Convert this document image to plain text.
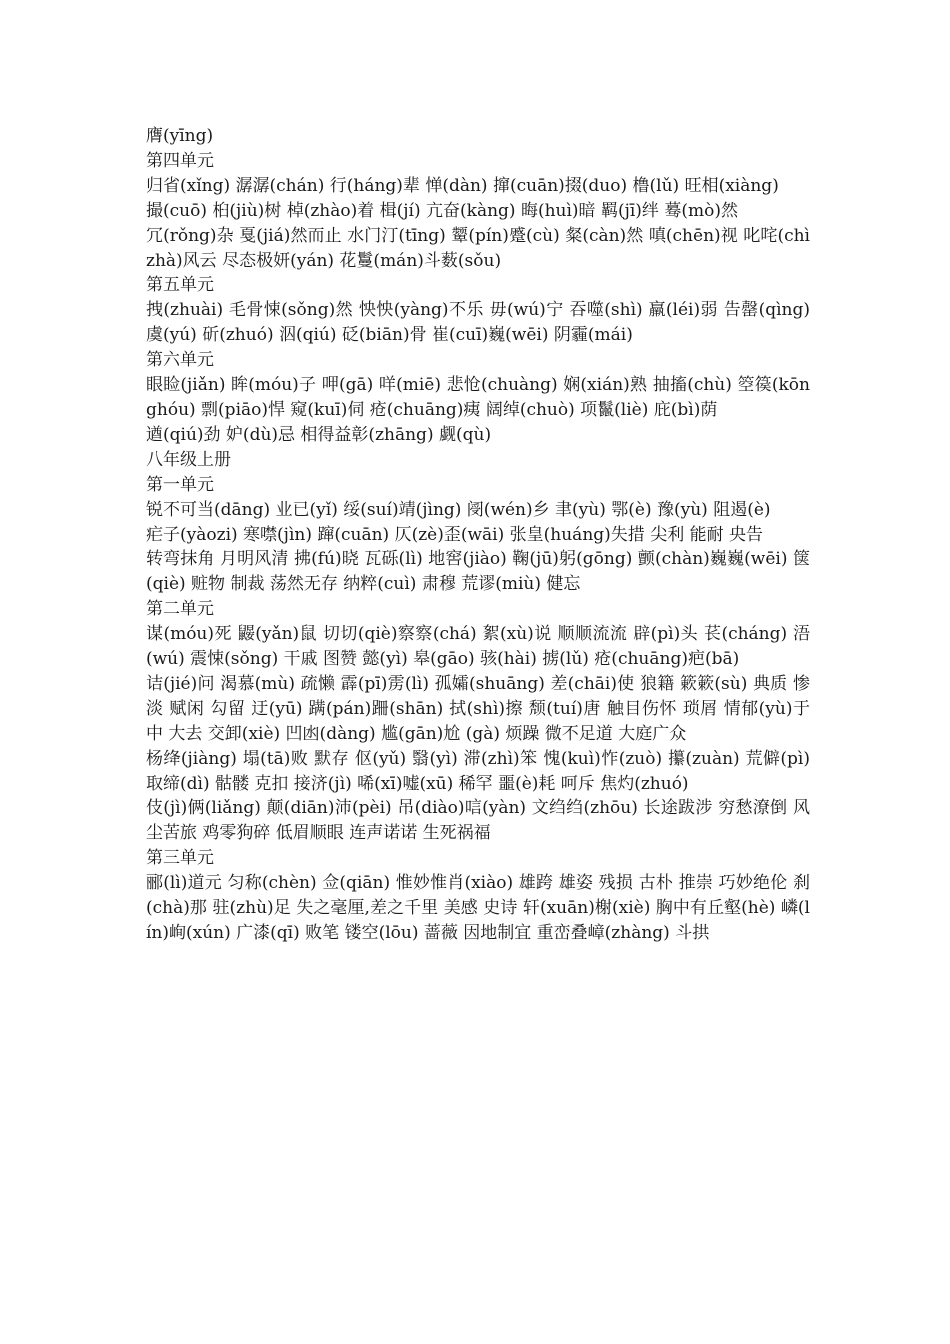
膺(yīng)
第四单元
归省(xǐng) 潺潺(chán) 行(háng)辈 惮(dàn) 撺(cuān)掇(duo) 橹(lǔ) 旺相(xiàng)
撮(cuō) 桕(jiù)树 棹(zhào)着 楫(jí) 亢奋(kàng) 晦(huì)暗 羁(jī)绊 蓦(mò)然
冗(rǒng)杂 戛(jiá)然而止 水门汀(tīng) 颦(pín)蹙(cù) 粲(càn)然 嗔(chēn)视 叱咤(chìzhà)风云 尽态极妍(yán) 花鬘(mán)斗薮(sǒu)
第五单元
拽(zhuài) 毛骨悚(sǒng)然 怏怏(yàng)不乐 毋(wú)宁 吞噬(shì) 羸(léi)弱 告罄(qìng) 虞(yú) 斫(zhuó) 泅(qiú) 砭(biān)骨 崔(cuī)巍(wēi) 阴霾(mái)
第六单元
眼睑(jiǎn) 眸(móu)子 呷(gā) 咩(miē) 悲怆(chuàng) 娴(xián)熟 抽搐(chù) 箜篌(kōnghóu) 剽(piāo)悍 窥(kuī)伺 疮(chuāng)痍 阔绰(chuò) 项鬣(liè) 庇(bì)荫
遒(qiú)劲 妒(dù)忌 相得益彰(zhāng) 觑(qù)
八年级上册
第一单元
锐不可当(dāng) 业已(yǐ) 绥(suí)靖(jìng) 阌(wén)乡 聿(yù) 鄂(è) 豫(yù) 阻遏(è)
疟子(yàozi) 寒噤(jìn) 蹿(cuān) 仄(zè)歪(wāi) 张皇(huáng)失措 尖利 能耐 央告
转弯抹角 月明风清 拂(fú)晓 瓦砾(lì) 地窖(jiào) 鞠(jū)躬(gōng) 颤(chàn)巍巍(wēi) 箧(qiè) 赃物 制裁 荡然无存 纳粹(cuì) 肃穆 荒谬(miù) 健忘
第二单元
谋(móu)死 鼹(yǎn)鼠 切切(qiè)察察(chá) 絮(xù)说 顺顺流流 辟(pì)头 苌(cháng) 浯(wú) 震悚(sǒng) 干戚 图赞 懿(yì) 皋(gāo) 骇(hài) 掳(lǔ) 疮(chuāng)疤(bā)
诘(jié)问 渴慕(mù) 疏懒 霹(pī)雳(lì) 孤孀(shuāng) 差(chāi)使 狼籍 簌簌(sù) 典质 惨淡 赋闲 勾留 迂(yū) 蹒(pán)跚(shān) 拭(shì)擦 颓(tuí)唐 触目伤怀 琐屑 情郁(yù)于中 大去 交卸(xiè) 凹凼(dàng) 尴(gān)尬 (gà) 烦躁 微不足道 大庭广众
杨绛(jiàng) 塌(tā)败 默存 伛(yǔ) 翳(yì) 滞(zhì)笨 愧(kuì)怍(zuò) 攥(zuàn) 荒僻(pì) 取缔(dì) 骷髅 克扣 接济(jì) 唏(xī)嘘(xū) 稀罕 噩(è)耗 呵斥 焦灼(zhuó)
伎(jì)俩(liǎng) 颠(diān)沛(pèi) 吊(diào)唁(yàn) 文绉绉(zhōu) 长途跋涉 穷愁潦倒 风尘苦旅 鸡零狗碎 低眉顺眼 连声诺诺 生死祸福
第三单元
郦(lì)道元 匀称(chèn) 佥(qiān) 惟妙惟肖(xiào) 雄跨 雄姿 残损 古朴 推崇 巧妙绝伦 刹(chà)那 驻(zhù)足 失之毫厘,差之千里 美感 史诗 轩(xuān)榭(xiè) 胸中有丘壑(hè) 嶙(lín)峋(xún) 广漆(qī) 败笔 镂空(lōu) 蔷薇 因地制宜 重峦叠嶂(zhàng) 斗拱
